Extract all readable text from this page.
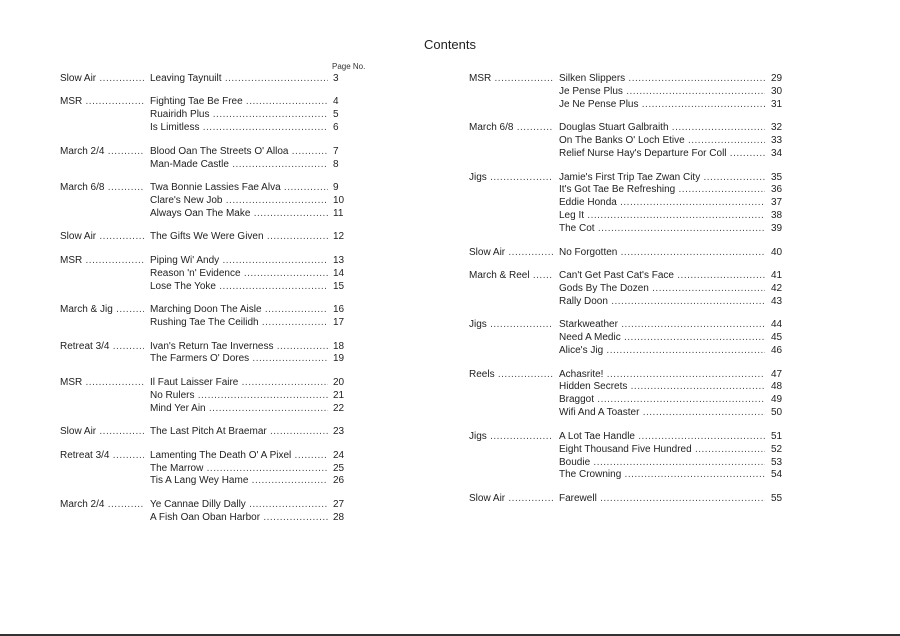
Contents
Page No.
Slow Air .....	Leaving Taynuilt .....	3
MSR .....	Fighting Tae Be Free .....	4
Ruairidh Plus .....	5
Is Limitless .....	6
March 2/4 .....	Blood Oan The Streets O' Alloa .....	7
Man-Made Castle .....	8
March 6/8 .....	Twa Bonnie Lassies Fae Alva .....	9
Clare's New Job .....	10
Always Oan The Make .....	11
Slow Air .....	The Gifts We Were Given .....	12
MSR .....	Piping Wi' Andy .....	13
Reason 'n' Evidence .....	14
Lose The Yoke .....	15
March & Jig .....	Marching Doon The Aisle .....	16
Rushing Tae The Ceilidh .....	17
Retreat 3/4 .....	Ivan's Return Tae Inverness .....	18
The Farmers O' Dores .....	19
MSR .....	Il Faut Laisser Faire .....	20
No Rulers .....	21
Mind Yer Ain .....	22
Slow Air .....	The Last Pitch At Braemar .....	23
Retreat 3/4 .....	Lamenting The Death O' A Pixel .....	24
The Marrow .....	25
Tis A Lang Wey Hame .....	26
March 2/4 .....	Ye Cannae Dilly Dally .....	27
A Fish Oan Oban Harbor .....	28
MSR .....	Silken Slippers .....	29
Je Pense Plus .....	30
Je Ne Pense Plus .....	31
March 6/8 .....	Douglas Stuart Galbraith .....	32
On The Banks O' Loch Etive .....	33
Relief Nurse Hay's Departure For Coll .....	34
Jigs .....	Jamie's First Trip Tae Zwan City .....	35
It's Got Tae Be Refreshing .....	36
Eddie Honda .....	37
Leg It .....	38
The Cot .....	39
Slow Air .....	No Forgotten .....	40
March & Reel .....	Can't Get Past Cat's Face .....	41
Gods By The Dozen .....	42
Rally Doon .....	43
Jigs .....	Starkweather .....	44
Need A Medic .....	45
Alice's Jig .....	46
Reels .....	Achasrite! .....	47
Hidden Secrets .....	48
Braggot .....	49
Wifi And A Toaster .....	50
Jigs .....	A Lot Tae Handle .....	51
Eight Thousand Five Hundred .....	52
Boudie .....	53
The Crowning .....	54
Slow Air .....	Farewell .....	55
